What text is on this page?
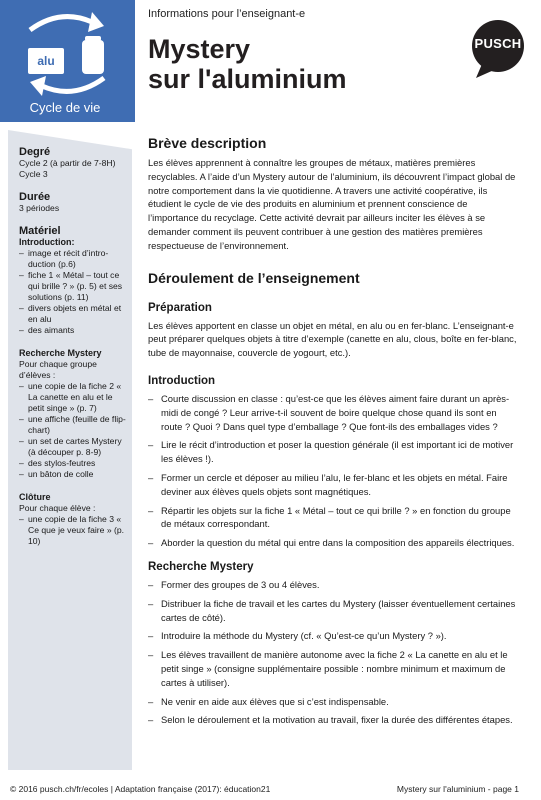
alu
Cycle de vie
Informations pour l’enseignant-e
Mystery
sur l'aluminium
PUSCH
Degré

Cycle 2 (à partir de 7-8H)

Cycle 3

Durée

3 périodes

Matériel
Introduction:
– image et récit d’intro-duction (p.6)
– fiche 1 « Métal – tout ce qui brille ? » (p. 5) et ses solutions (p. 11)
– divers objets en métal et en alu
– des aimants
Recherche Mystery

Pour chaque groupe d’élèves :

– une copie de la fiche 2 « La canette en alu et le petit singe » (p. 7)
– une affiche (feuille de flip-chart)
– un set de cartes Mystery (à découper p. 8-9)
– des stylos-feutres
– un bâton de colle
Clôture

Pour chaque élève :

– une copie de la fiche 3 « Ce que je veux faire » (p. 10)
Brève description

Les élèves apprennent à connaître les groupes de métaux, matières premières recyclables. A l’aide d’un Mystery autour de l’aluminium, ils découvrent l’impact global de notre comportement dans la vie quotidienne. A travers une activité coopérative, ils étudient le cycle de vie des produits en aluminium et prennent conscience de l’importance du recyclage. Cette activité devrait par ailleurs inciter les élèves à se demander comment ils peuvent contribuer à une gestion des matières premières respectueuse de l’environnement.

Déroulement de l’enseignement
Préparation

Les élèves apportent en classe un objet en métal, en alu ou en fer-blanc. L’enseignant-e peut préparer quelques objets à titre d’exemple (canette en alu, clous, boîte en fer-blanc, tube de mayonnaise, couvercle de yogourt, etc.).

Introduction
– Courte discussion en classe : qu’est-ce que les élèves aiment faire durant un après-midi de congé ? Leur arrive-t-il souvent de boire quelque chose quand ils sont en route ? Quoi ? Dans quel type d’emballage ? Que font-ils des emballages vides ?
– Lire le récit d’introduction et poser la question générale (il est important ici de motiver les élèves !).
– Former un cercle et déposer au milieu l’alu, le fer-blanc et les objets en métal. Faire deviner aux élèves quels objets sont magnétiques.
– Répartir les objets sur la fiche 1 « Métal – tout ce qui brille ? » en fonction du groupe de métaux correspondant.
– Aborder la question du métal qui entre dans la composition des appareils électriques.
Recherche Mystery
– Former des groupes de 3 ou 4 élèves.
– Distribuer la fiche de travail et les cartes du Mystery (laisser éventuellement certaines cartes de côté).
– Introduire la méthode du Mystery (cf. « Qu’est-ce qu’un Mystery ? »).
– Les élèves travaillent de manière autonome avec la fiche 2 « La canette en alu et le petit singe » (consigne supplémentaire possible : nombre minimum et maximum de cartes à utiliser).
– Ne venir en aide aux élèves que si c’est indispensable.
– Selon le déroulement et la motivation au travail, fixer la durée des différentes étapes.
© 2016 pusch.ch/fr/ecoles | Adaptation française (2017): éducation21	Mystery sur l'aluminium - page 1
